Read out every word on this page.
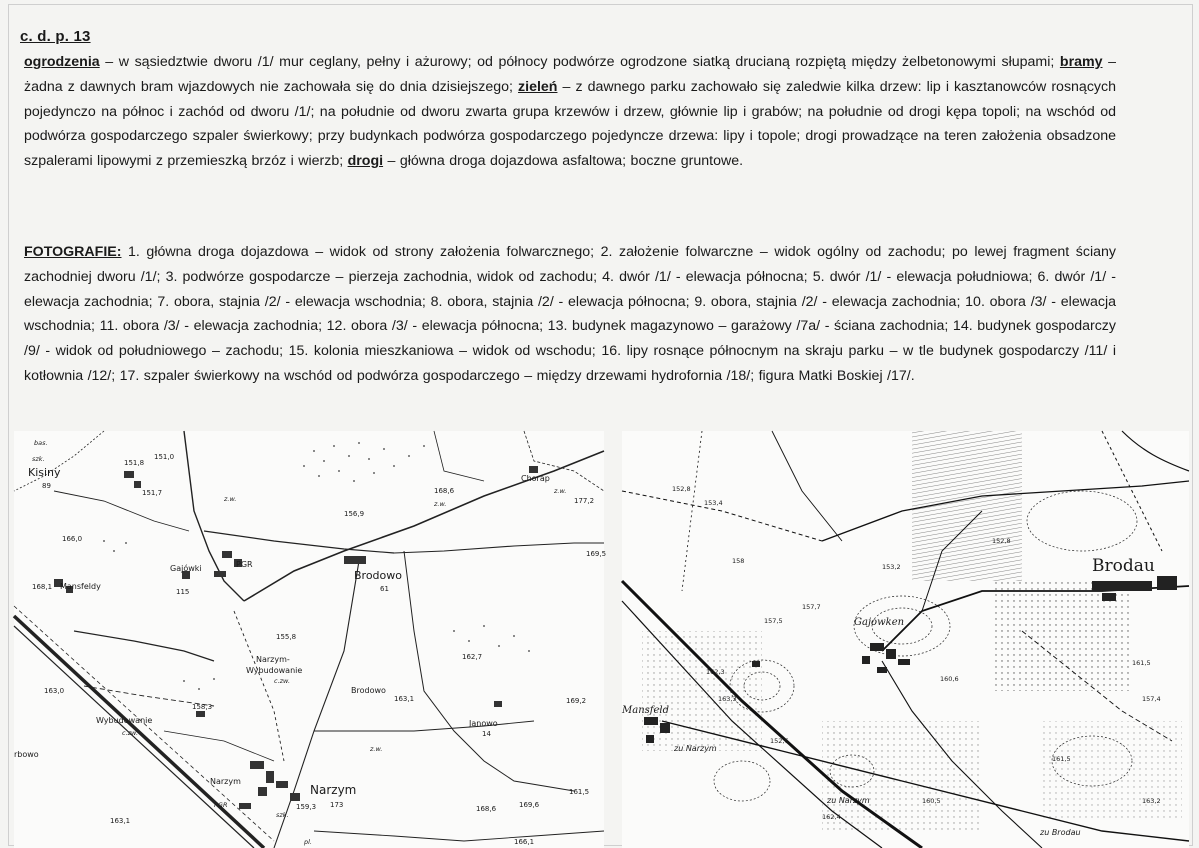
c. d. p. 13
ogrodzenia – w sąsiedztwie dworu /1/ mur ceglany, pełny i ażurowy; od północy podwórze ogrodzone siatką drucianą rozpiętą między żelbetonowymi słupami; bramy – żadna z dawnych bram wjazdowych nie zachowała się do dnia dzisiejszego; zieleń – z dawnego parku zachowało się zaledwie kilka drzew: lip i kasztanowców rosnących pojedynczo na północ i zachód od dworu /1/; na południe od dworu zwarta grupa krzewów i drzew, głównie lip i grabów; na południe od drogi kępa topoli; na wschód od podwórza gospodarczego szpaler świerkowy; przy budynkach podwórza gospodarczego pojedyncze drzewa: lipy i topole; drogi prowadzące na teren założenia obsadzone szpalerami lipowymi z przemieszką brzóz i wierzb; drogi – główna droga dojazdowa asfaltowa; boczne gruntowe.
FOTOGRAFIE: 1. główna droga dojazdowa – widok od strony założenia folwarcznego; 2. założenie folwarczne – widok ogólny od zachodu; po lewej fragment ściany zachodniej dworu /1/; 3. podwórze gospodarcze – pierzeja zachodnia, widok od zachodu; 4. dwór /1/ - elewacja północna; 5. dwór /1/ - elewacja południowa; 6. dwór /1/ - elewacja zachodnia; 7. obora, stajnia /2/ - elewacja wschodnia; 8. obora, stajnia /2/ - elewacja północna; 9. obora, stajnia /2/ - elewacja zachodnia; 10. obora /3/ - elewacja wschodnia; 11. obora /3/ - elewacja zachodnia; 12. obora /3/ - elewacja północna; 13. budynek magazynowo – garażowy /7a/ - ściana zachodnia; 14. budynek gospodarczy /9/ - widok od południowego – zachodu; 15. kolonia mieszkaniowa – widok od wschodu; 16. lipy rosnące północnym na skraju parku – w tle budynek gospodarczy /11/ i kotłownia /12/; 17. szpaler świerkowy na wschód od podwórza gospodarczego – między drzewami hydrofornia /18/; figura Matki Boskiej /17/.
Kisiny
89
Mansfeldy
Gajówki
115
PGR
Brodowo
61
Brodowo
Narzym
173
Narzym
Narzym-
Wybudowanie
Wybudowanie	Janowo
14
Chorap
rbowo
151,8
151,0
151,7
166,0
168,1
156,9
168,6
177,2
169,5
155,8
162,7
163,0
158,3
163,1	169,2
159,3
161,5
168,6	169,6
163,1
166,1
z.w.
z.w.
z.w.
c.zw.
z.w.
szk.
szk.
bas.
PGR
pl.
c.zw.
Brodau
Gajowken
Mansfeld
zu Narzym
zu Narzym
zu Brodau
152,8
153,4
158
153,2
157,5
157,7
160,6
162,3
163,3
152,8
161,5
157,4
152,6
161,5
162,4
160,5	163,2
